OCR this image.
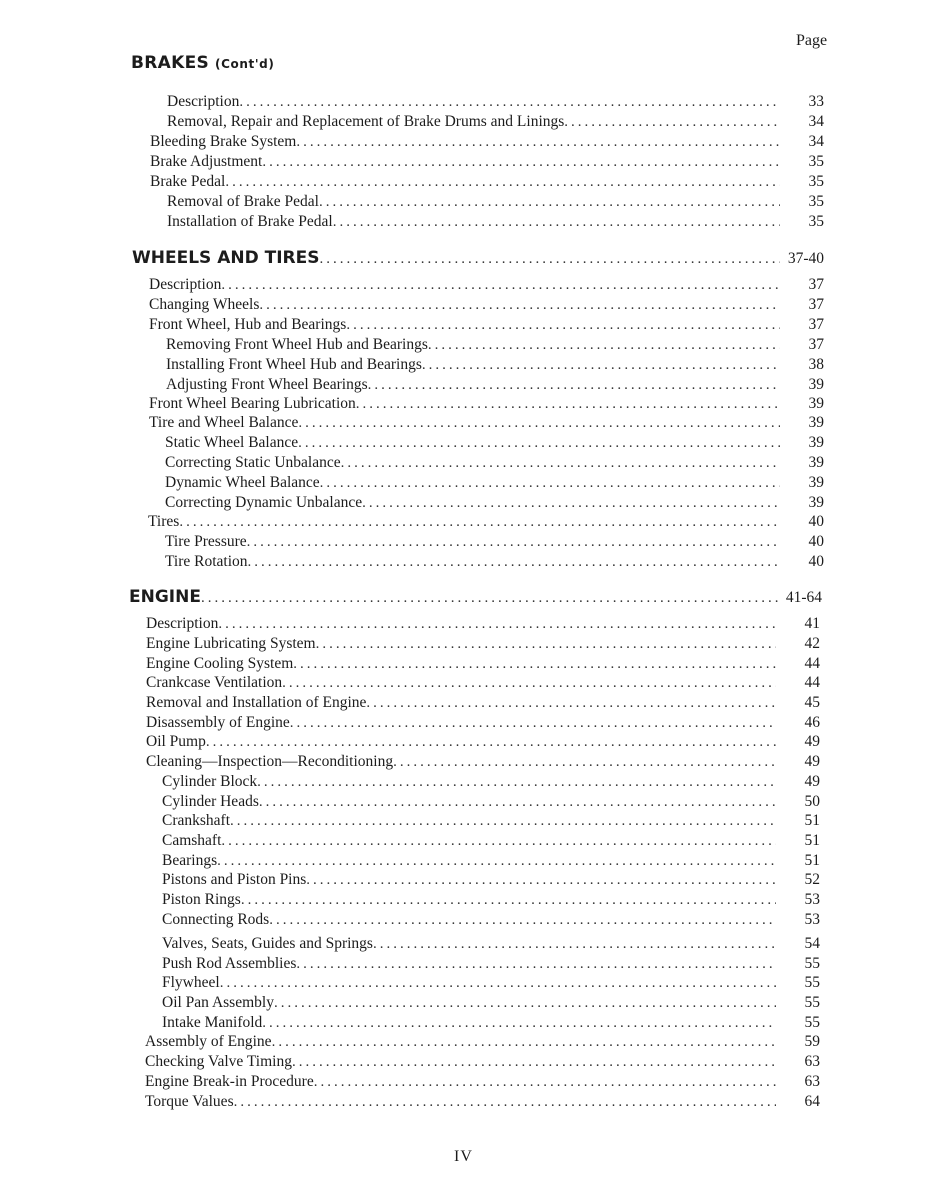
Page
BRAKES (Cont'd)
Description .....	33
Removal, Repair and Replacement of Brake Drums and Linings .....	34
Bleeding Brake System .....	34
Brake Adjustment .....	35
Brake Pedal .....	35
Removal of Brake Pedal .....	35
Installation of Brake Pedal .....	35
WHEELS AND TIRES .....	37-40
Description .....	37
Changing Wheels .....	37
Front Wheel, Hub and Bearings .....	37
Removing Front Wheel Hub and Bearings .....	37
Installing Front Wheel Hub and Bearings .....	38
Adjusting Front Wheel Bearings .....	39
Front Wheel Bearing Lubrication .....	39
Tire and Wheel Balance .....	39
Static Wheel Balance .....	39
Correcting Static Unbalance .....	39
Dynamic Wheel Balance .....	39
Correcting Dynamic Unbalance .....	39
Tires .....	40
Tire Pressure .....	40
Tire Rotation .....	40
ENGINE .....	41-64
Description .....	41
Engine Lubricating System .....	42
Engine Cooling System .....	44
Crankcase Ventilation .....	44
Removal and Installation of Engine .....	45
Disassembly of Engine .....	46
Oil Pump .....	49
Cleaning—Inspection—Reconditioning .....	49
Cylinder Block .....	49
Cylinder Heads .....	50
Crankshaft .....	51
Camshaft .....	51
Bearings .....	51
Pistons and Piston Pins .....	52
Piston Rings .....	53
Connecting Rods .....	53
Valves, Seats, Guides and Springs .....	54
Push Rod Assemblies .....	55
Flywheel .....	55
Oil Pan Assembly .....	55
Intake Manifold .....	55
Assembly of Engine .....	59
Checking Valve Timing .....	63
Engine Break-in Procedure .....	63
Torque Values .....	64
IV
